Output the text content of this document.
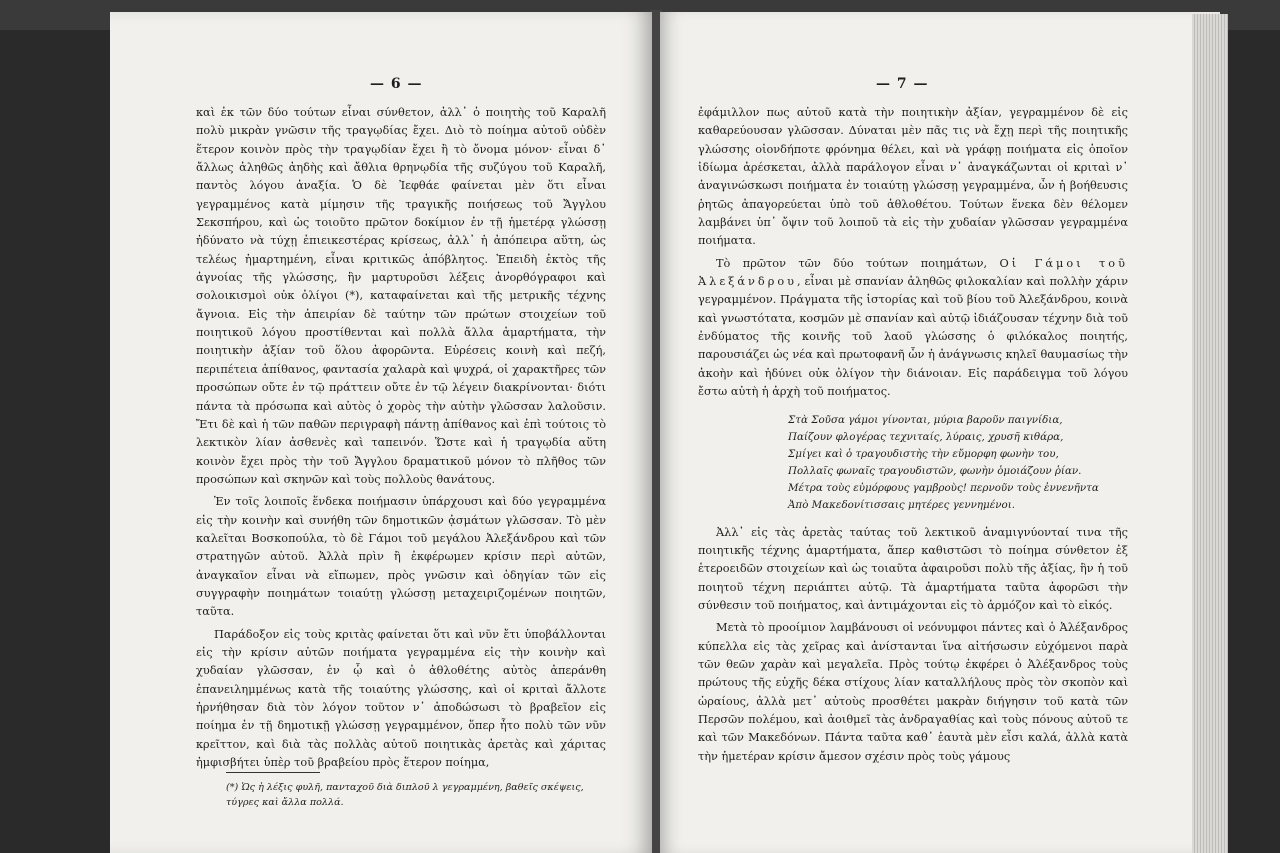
— 6 —

καὶ ἐκ τῶν δύο τούτων εἶναι σύνθετον, ἀλλ᾽ ὁ ποιητὴς τοῦ Καραλῆ πολὺ μικρὰν γνῶσιν τῆς τραγῳδίας ἔχει. Διὸ τὸ ποίημα αὐτοῦ οὐδὲν ἕτερον κοινὸν πρὸς τὴν τραγῳδίαν ἔχει ἢ τὸ ὄνομα μόνον· εἶναι δ᾽ ἄλλως ἀληθῶς ἀηδὴς καὶ ἄθλια θρηνῳδία τῆς συζύγου τοῦ Καραλῆ, παντὸς λόγου ἀναξία. Ὁ δὲ Ἰεφθάε φαίνεται μὲν ὅτι εἶναι γεγραμμένος κατὰ μίμησιν τῆς τραγικῆς ποιήσεως τοῦ Ἄγγλου Σεκσπήρου, καὶ ὡς τοιοῦτο πρῶτον δοκίμιον ἐν τῇ ἡμετέρᾳ γλώσσῃ ἠδύνατο νὰ τύχῃ ἐπιεικεστέρας κρίσεως, ἀλλ᾽ ἡ ἀπόπειρα αὕτη, ὡς τελέως ἡμαρτημένη, εἶναι κριτικῶς ἀπόβλητος. Ἐπειδὴ ἐκτὸς τῆς ἀγνοίας τῆς γλώσσης, ἣν μαρτυροῦσι λέξεις ἀνορθόγραφοι καὶ σολοικισμοὶ οὐκ ὀλίγοι (*), καταφαίνεται καὶ τῆς μετρικῆς τέχνης ἄγνοια. Εἰς τὴν ἀπειρίαν δὲ ταύτην τῶν πρώτων στοιχείων τοῦ ποιητικοῦ λόγου προστίθενται καὶ πολλὰ ἄλλα ἁμαρτήματα, τὴν ποιητικὴν ἀξίαν τοῦ ὅλου ἀφορῶντα. Εὑρέσεις κοινὴ καὶ πεζή, περιπέτεια ἀπίθανος, φαντασία χαλαρὰ καὶ ψυχρά, οἱ χαρακτῆρες τῶν προσώπων οὔτε ἐν τῷ πράττειν οὔτε ἐν τῷ λέγειν διακρίνονται· διότι πάντα τὰ πρόσωπα καὶ αὐτὸς ὁ χορὸς τὴν αὐτὴν γλῶσσαν λαλοῦσιν. Ἔτι δὲ καὶ ἡ τῶν παθῶν περιγραφὴ πάντῃ ἀπίθανος καὶ ἐπὶ τούτοις τὸ λεκτικὸν λίαν ἀσθενὲς καὶ ταπεινόν. Ὥστε καὶ ἡ τραγῳδία αὕτη κοινὸν ἔχει πρὸς τὴν τοῦ Ἄγγλου δραματικοῦ μόνον τὸ πλῆθος τῶν προσώπων καὶ σκηνῶν καὶ τοὺς πολλοὺς θανάτους.

Ἐν τοῖς λοιποῖς ἕνδεκα ποιήμασιν ὑπάρχουσι καὶ δύο γεγραμμένα εἰς τὴν κοινὴν καὶ συνήθη τῶν δημοτικῶν ᾀσμάτων γλῶσσαν. Τὸ μὲν καλεῖται Βοσκοπούλα, τὸ δὲ Γάμοι τοῦ μεγάλου Ἀλεξάνδρου καὶ τῶν στρατηγῶν αὐτοῦ. Ἀλλὰ πρὶν ἢ ἐκφέρωμεν κρίσιν περὶ αὐτῶν, ἀναγκαῖον εἶναι νὰ εἴπωμεν, πρὸς γνῶσιν καὶ ὁδηγίαν τῶν εἰς συγγραφὴν ποιημάτων τοιαύτῃ γλώσσῃ μεταχειριζομένων ποιητῶν, ταῦτα.

Παράδοξον εἰς τοὺς κριτὰς φαίνεται ὅτι καὶ νῦν ἔτι ὑποβάλλονται εἰς τὴν κρίσιν αὐτῶν ποιήματα γεγραμμένα εἰς τὴν κοινὴν καὶ χυδαίαν γλῶσσαν, ἐν ᾧ καὶ ὁ ἀθλοθέτης αὐτὸς ἀπεράνθη ἐπανειλημμένως κατὰ τῆς τοιαύτης γλώσσης, καὶ οἱ κριταὶ ἄλλοτε ἠρνήθησαν διὰ τὸν λόγον τοῦτον ν᾽ ἀποδώσωσι τὸ βραβεῖον εἰς ποίημα ἐν τῇ δημοτικῇ γλώσσῃ γεγραμμένον, ὅπερ ἦτο πολὺ τῶν νῦν κρεῖττον, καὶ διὰ τὰς πολλὰς αὐτοῦ ποιητικὰς ἀρετὰς καὶ χάριτας ἠμφισβήτει ὑπὲρ τοῦ βραβείου πρὸς ἕτερον ποίημα,

(*) Ὡς ἡ λέξις φυλῆ, πανταχοῦ διὰ διπλοῦ λ γεγραμμένη, βαθεῖς σκέψεις, τύγρες καὶ ἄλλα πολλά.
— 7 —

ἐφάμιλλον πως αὐτοῦ κατὰ τὴν ποιητικὴν ἀξίαν, γεγραμμένον δὲ εἰς καθαρεύουσαν γλῶσσαν. Δύναται μὲν πᾶς τις νὰ ἔχῃ περὶ τῆς ποιητικῆς γλώσσης οἱονδήποτε φρόνημα θέλει, καὶ νὰ γράφῃ ποιήματα εἰς ὁποῖον ἰδίωμα ἀρέσκεται, ἀλλὰ παράλογον εἶναι ν᾽ ἀναγκάζωνται οἱ κριταὶ ν᾽ ἀναγινώσκωσι ποιήματα ἐν τοιαύτῃ γλώσσῃ γεγραμμένα, ὧν ἡ βοήθευσις ῥητῶς ἀπαγορεύεται ὑπὸ τοῦ ἀθλοθέτου. Τούτων ἕνεκα δὲν θέλομεν λαμβάνει ὑπ᾽ ὄψιν τοῦ λοιποῦ τὰ εἰς τὴν χυδαίαν γλῶσσαν γεγραμμένα ποιήματα.

Τὸ πρῶτον τῶν δύο τούτων ποιημάτων, Οἱ Γάμοι τοῦ Ἀλεξάνδρου, εἶναι μὲ σπανίαν ἀληθῶς φιλοκαλίαν καὶ πολλὴν χάριν γεγραμμένον. Πράγματα τῆς ἱστορίας καὶ τοῦ βίου τοῦ Ἀλεξάνδρου, κοινὰ καὶ γνωστότατα, κοσμῶν μὲ σπανίαν καὶ αὐτῷ ἰδιάζουσαν τέχνην διὰ τοῦ ἐνδύματος τῆς κοινῆς τοῦ λαοῦ γλώσσης ὁ φιλόκαλος ποιητής, παρουσιάζει ὡς νέα καὶ πρωτοφανῆ ὧν ἡ ἀνάγνωσις κηλεῖ θαυμασίως τὴν ἀκοὴν καὶ ἡδύνει οὐκ ὀλίγον τὴν διάνοιαν. Εἰς παράδειγμα τοῦ λόγου ἔστω αὐτὴ ἡ ἀρχὴ τοῦ ποιήματος.

Στὰ Σοῦσα γάμοι γίνονται, μύρια βαροῦν παιγνίδια,
Παίζουν φλογέρας τεχνιταίς, λύραις, χρυσῆ κιθάρα,
Σμίγει καὶ ὁ τραγουδιστὴς τὴν εὔμορφη φωνὴν του,
Πολλαῖς φωναῖς τραγουδιστῶν, φωνὴν ὁμοιάζουν ῥίαν.
Μέτρα τοὺς εὐμόρφους γαμβροὺς! περνοῦν τοὺς ἐννενῆντα
Ἀπὸ Μακεδονίτισσαις μητέρες γεννημένοι.

Ἀλλ᾽ εἰς τὰς ἀρετὰς ταύτας τοῦ λεκτικοῦ ἀναμιγνύονταί τινα τῆς ποιητικῆς τέχνης ἁμαρτήματα, ἅπερ καθιστῶσι τὸ ποίημα σύνθετον ἐξ ἑτεροειδῶν στοιχείων καὶ ὡς τοιαῦτα ἀφαιροῦσι πολὺ τῆς ἀξίας, ἣν ἡ τοῦ ποιητοῦ τέχνη περιάπτει αὐτῷ. Τὰ ἁμαρτήματα ταῦτα ἀφορῶσι τὴν σύνθεσιν τοῦ ποιήματος, καὶ ἀντιμάχονται εἰς τὸ ἁρμόζον καὶ τὸ εἰκός.

Μετὰ τὸ προοίμιον λαμβάνουσι οἱ νεόνυμφοι πάντες καὶ ὁ Ἀλέξανδρος κύπελλα εἰς τὰς χεῖρας καὶ ἀνίστανται ἵνα αἰτήσωσιν εὐχόμενοι παρὰ τῶν θεῶν χαρὰν καὶ μεγαλεῖα. Πρὸς τούτῳ ἐκφέρει ὁ Ἀλέξανδρος τοὺς πρώτους τῆς εὐχῆς δέκα στίχους λίαν καταλλήλους πρὸς τὸν σκοπὸν καὶ ὡραίους, ἀλλὰ μετ᾽ αὐτοὺς προσθέτει μακρὰν διήγησιν τοῦ κατὰ τῶν Περσῶν πολέμου, καὶ ἀοιθμεῖ τὰς ἀνδραγαθίας καὶ τοὺς πόνους αὐτοῦ τε καὶ τῶν Μακεδόνων. Πάντα ταῦτα καθ᾽ ἑαυτὰ μὲν εἶσι καλά, ἀλλὰ κατὰ τὴν ἡμετέραν κρίσιν ἄμεσον σχέσιν πρὸς τοὺς γάμους
